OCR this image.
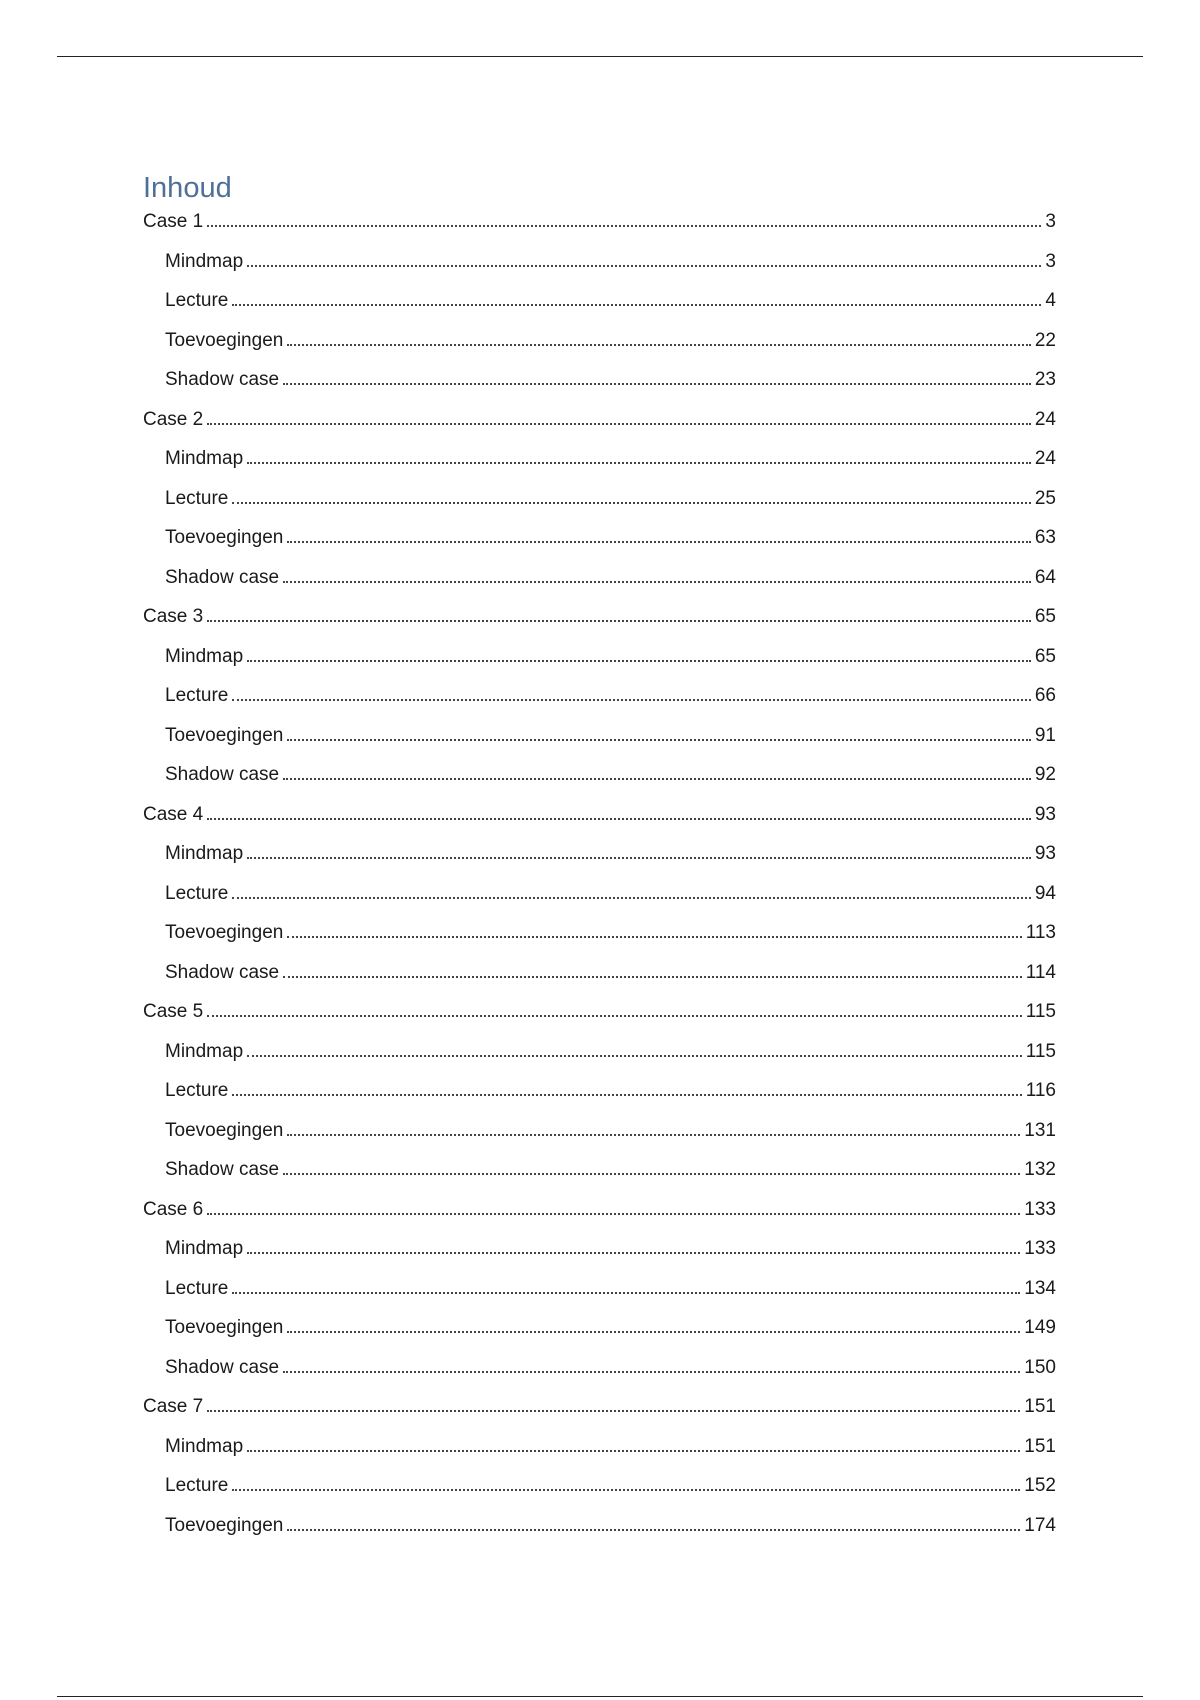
Inhoud
Case 1	3
Mindmap	3
Lecture	4
Toevoegingen	22
Shadow case	23
Case 2	24
Mindmap	24
Lecture	25
Toevoegingen	63
Shadow case	64
Case 3	65
Mindmap	65
Lecture	66
Toevoegingen	91
Shadow case	92
Case 4	93
Mindmap	93
Lecture	94
Toevoegingen	113
Shadow case	114
Case 5	115
Mindmap	115
Lecture	116
Toevoegingen	131
Shadow case	132
Case 6	133
Mindmap	133
Lecture	134
Toevoegingen	149
Shadow case	150
Case 7	151
Mindmap	151
Lecture	152
Toevoegingen	174
